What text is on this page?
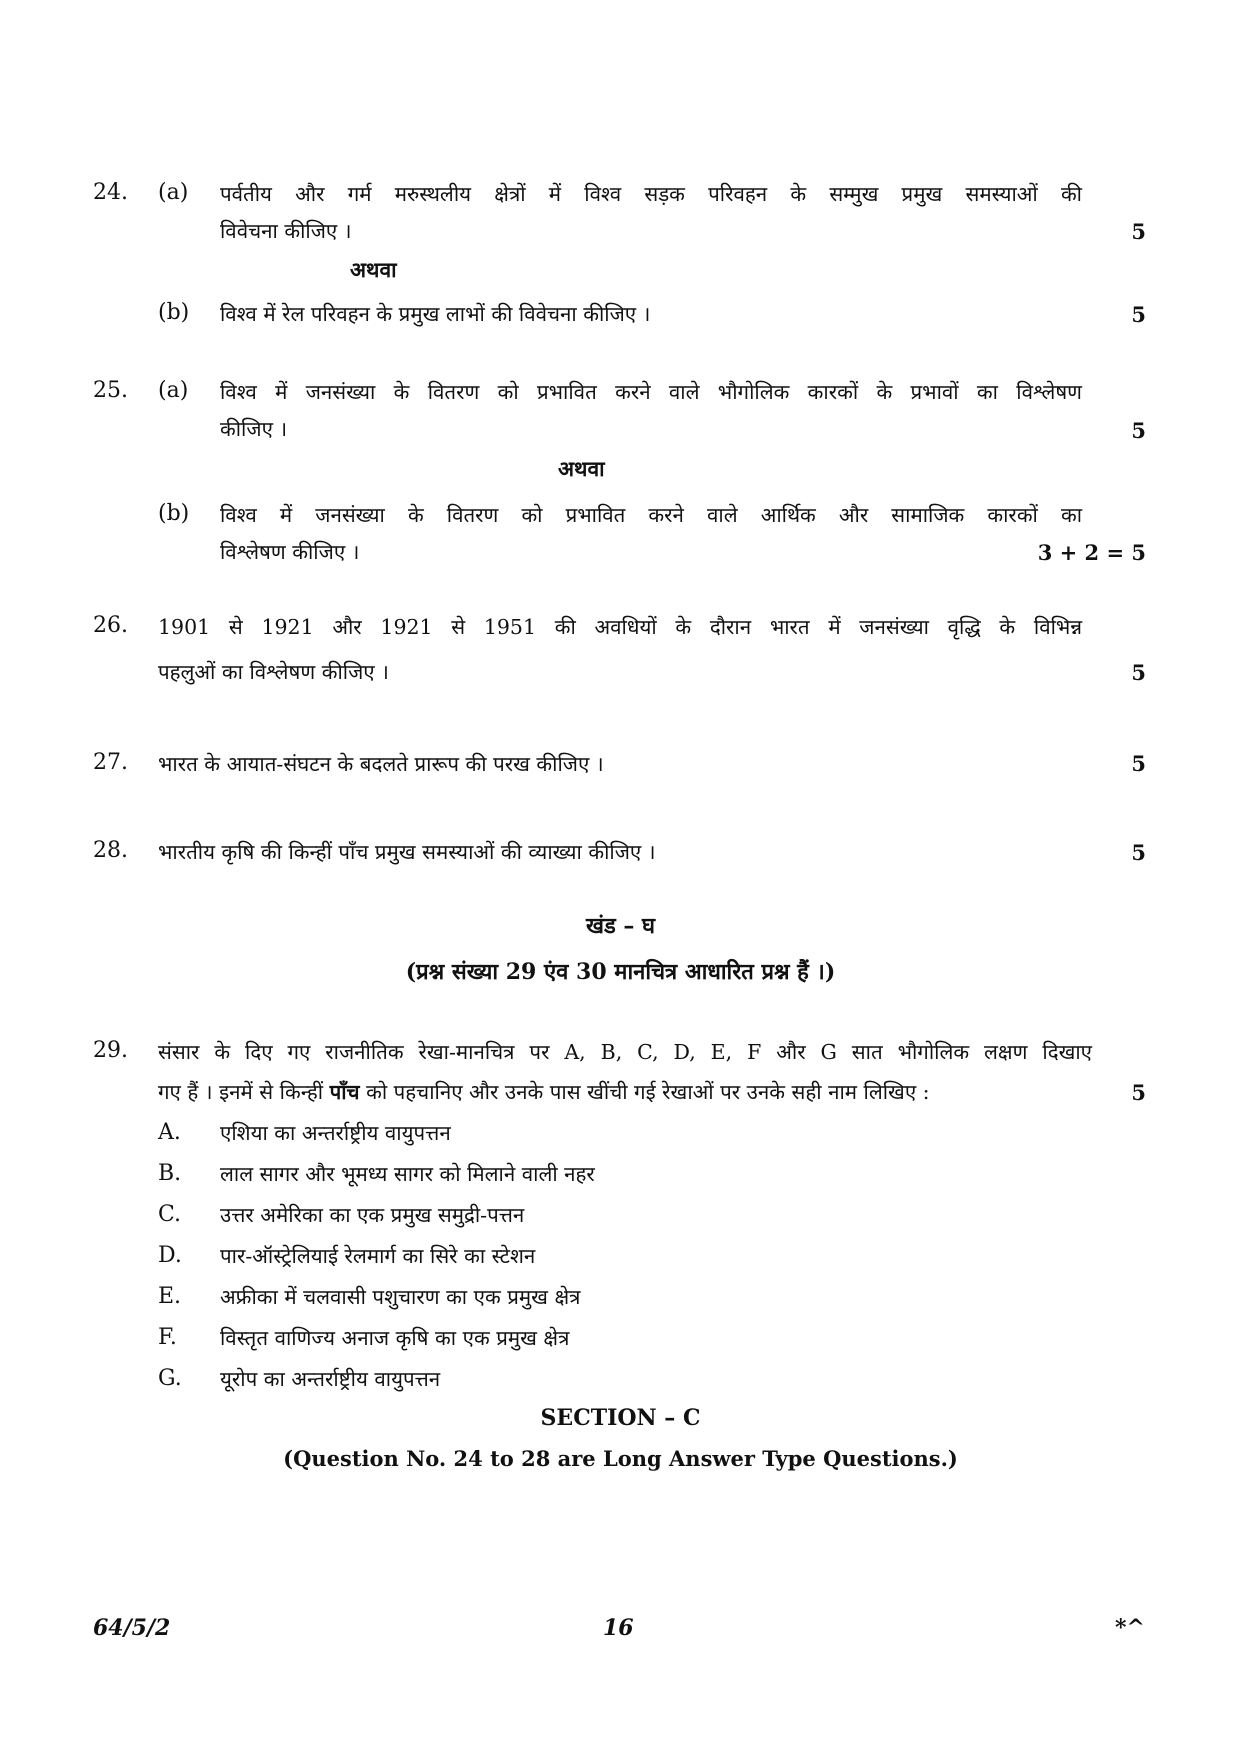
24.	(a)	पर्वतीय और गर्म मरुस्थलीय क्षेत्रों में विश्व सड़क परिवहन के सम्मुख प्रमुख समस्याओं की
विवेचना कीजिए ।	5
अथवा
(b)	विश्व में रेल परिवहन के प्रमुख लाभों की विवेचना कीजिए ।	5
25.	(a)	विश्व में जनसंख्या के वितरण को प्रभावित करने वाले भौगोलिक कारकों के प्रभावों का विश्लेषण
कीजिए ।	5
अथवा
(b)	विश्व में जनसंख्या के वितरण को प्रभावित करने वाले आर्थिक और सामाजिक कारकों का
विश्लेषण कीजिए ।	3 + 2 = 5
26.	1901 से 1921 और 1921 से 1951 की अवधियों के दौरान भारत में जनसंख्या वृद्धि के विभिन्न
पहलुओं का विश्लेषण कीजिए ।	5
27.	भारत के आयात-संघटन के बदलते प्रारूप की परख कीजिए ।	5
28.	भारतीय कृषि की किन्हीं पाँच प्रमुख समस्याओं की व्याख्या कीजिए ।	5
खंड – घ
(प्रश्न संख्या 29 एंव 30 मानचित्र आधारित प्रश्न हैं ।)
29.	संसार के दिए गए राजनीतिक रेखा-मानचित्र पर A, B, C, D, E, F और G सात भौगोलिक लक्षण दिखाए
गए हैं । इनमें से किन्हीं पाँच को पहचानिए और उनके पास खींची गई रेखाओं पर उनके सही नाम लिखिए :	5
A.	एशिया का अन्तर्राष्ट्रीय वायुपत्तन
B.	लाल सागर और भूमध्य सागर को मिलाने वाली नहर
C.	उत्तर अमेरिका का एक प्रमुख समुद्री-पत्तन
D.	पार-ऑस्ट्रेलियाई रेलमार्ग का सिरे का स्टेशन
E.	अफ्रीका में चलवासी पशुचारण का एक प्रमुख क्षेत्र
F.	विस्तृत वाणिज्य अनाज कृषि का एक प्रमुख क्षेत्र
G.	यूरोप का अन्तर्राष्ट्रीय वायुपत्तन
SECTION – C
(Question No. 24 to 28 are Long Answer Type Questions.)
64/5/2	16	*^
